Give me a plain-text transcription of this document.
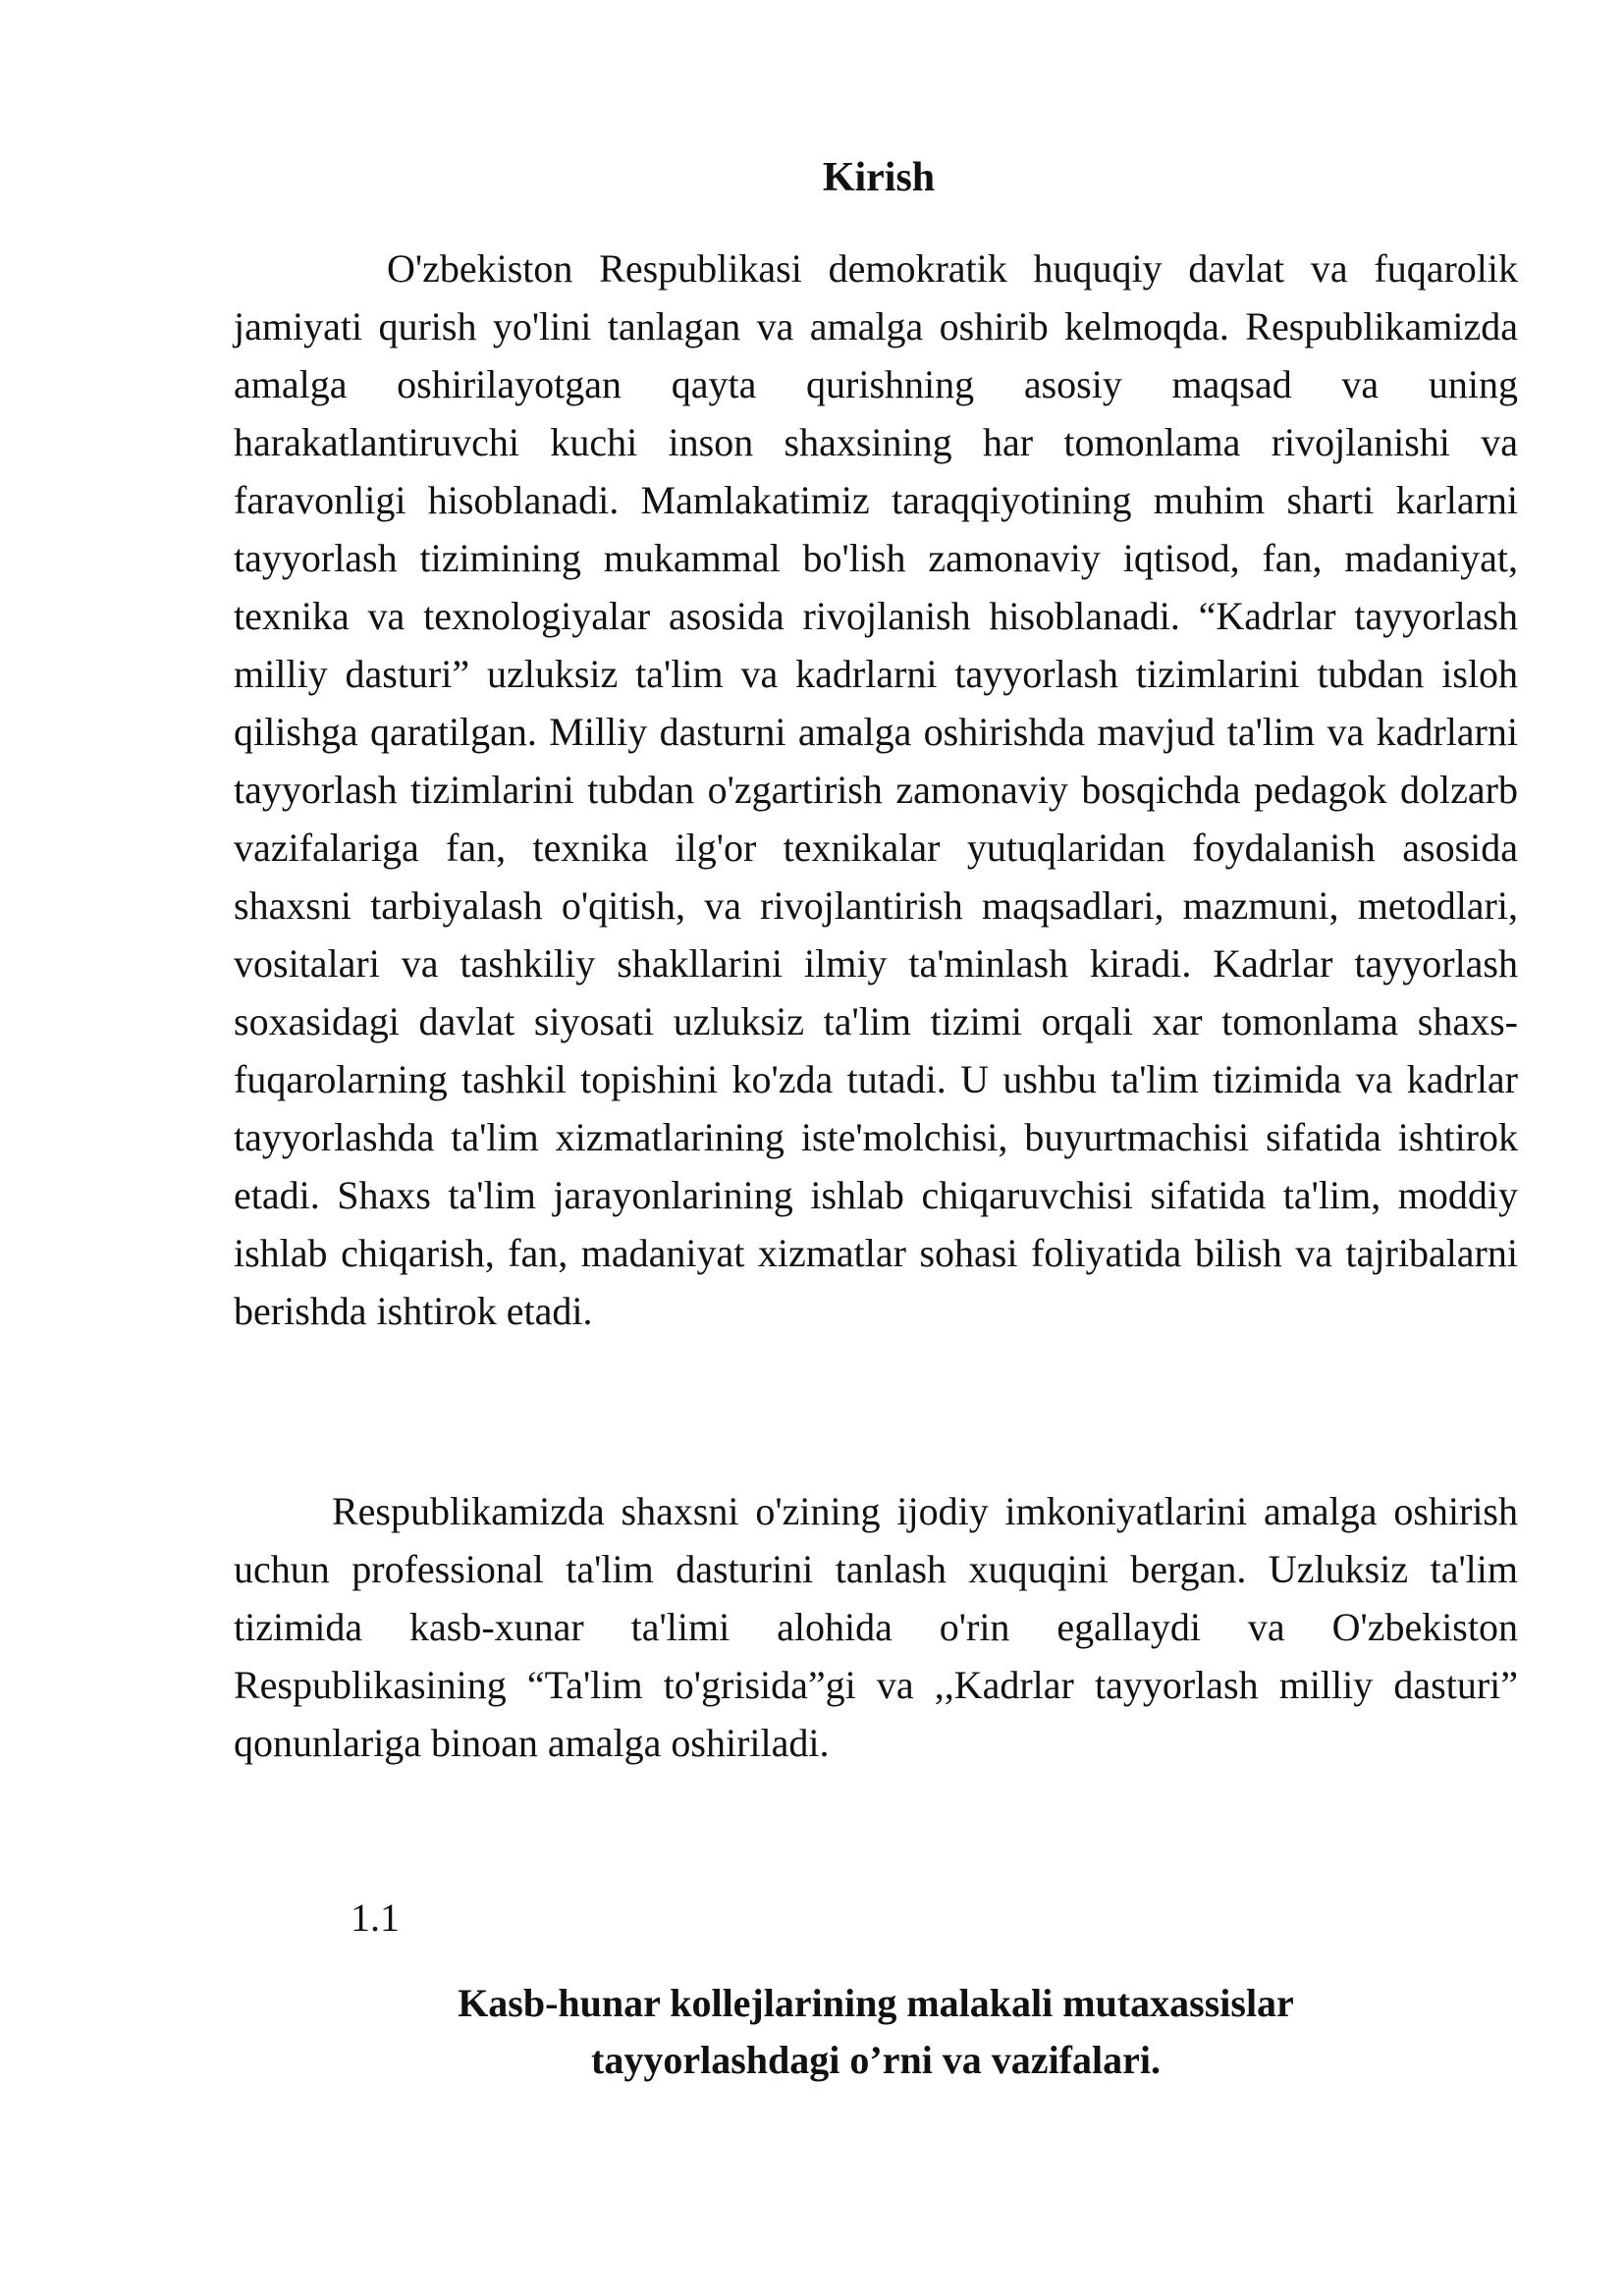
Kirish

O'zbekiston Respublikasi demokratik huquqiy davlat va fuqarolik jamiyati qurish yo'lini tanlagan va amalga oshirib kelmoqda. Respublikamizda amalga oshirilayotgan qayta qurishning asosiy maqsad va uning harakatlantiruvchi kuchi inson shaxsining har tomonlama rivojlanishi va faravonligi hisoblanadi. Mamlakatimiz taraqqiyotining muhim sharti karlarni tayyorlash tizimining mukammal bo'lish zamonaviy iqtisod, fan, madaniyat, texnika va texnologiyalar asosida rivojlanish hisoblanadi. “Kadrlar tayyorlash milliy dasturi” uzluksiz ta'lim va kadrlarni tayyorlash tizimlarini tubdan isloh qilishga qaratilgan. Milliy dasturni amalga oshirishda mavjud ta'lim va kadrlarni tayyorlash tizimlarini tubdan o'zgartirish zamonaviy bosqichda pedagok dolzarb vazifalariga fan, texnika ilg'or texnikalar yutuqlaridan foydalanish asosida shaxsni tarbiyalash o'qitish, va rivojlantirish maqsadlari, mazmuni, metodlari, vositalari va tashkiliy shakllarini ilmiy ta'minlash kiradi. Kadrlar tayyorlash soxasidagi davlat siyosati uzluksiz ta'lim tizimi orqali xar tomonlama shaxs-fuqarolarning tashkil topishini ko'zda tutadi. U ushbu ta'lim tizimida va kadrlar tayyorlashda ta'lim xizmatlarining iste'molchisi, buyurtmachisi sifatida ishtirok etadi. Shaxs ta'lim jarayonlarining ishlab chiqaruvchisi sifatida ta'lim, moddiy ishlab chiqarish, fan, madaniyat xizmatlar sohasi foliyatida bilish va tajribalarni berishda ishtirok etadi.

Respublikamizda shaxsni o'zining ijodiy imkoniyatlarini amalga oshirish uchun professional ta'lim dasturini tanlash xuquqini bergan. Uzluksiz ta'lim tizimida kasb-xunar ta'limi alohida o'rin egallaydi va O'zbekiston Respublikasining “Ta'lim to'grisida”gi va ,,Kadrlar tayyorlash milliy dasturi” qonunlariga binoan amalga oshiriladi.

1.1

Kasb-hunar kollejlarining malakali mutaxassislar
tayyorlashdagi o’rni va vazifalari.
